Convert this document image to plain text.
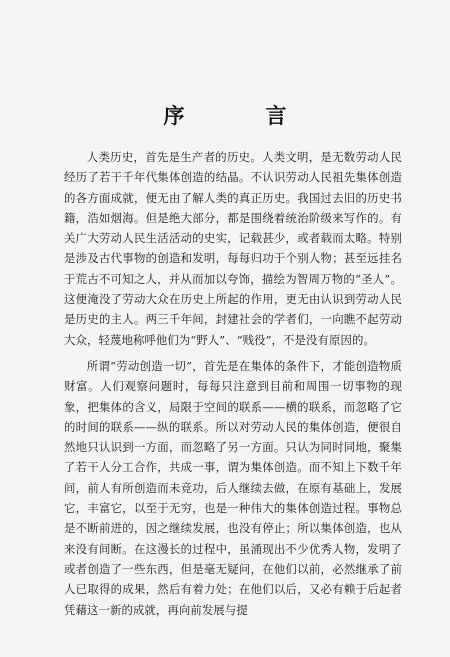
序　言

人类历史，首先是生产者的历史。人类文明，是无数劳动人民经历了若干千年代集体创造的结晶。不认识劳动人民祖先集体创造的各方面成就，便无由了解人类的真正历史。我国过去旧的历史书籍，浩如烟海。但是绝大部分，都是围绕着统治阶级来写作的。有关广大劳动人民生活活动的史实，记载甚少，或者载而太略。特别是涉及古代事物的创造和发明，每每归功于个别人物；甚至远挂名于荒古不可知之人，并从而加以夸饰，描绘为智周万物的“圣人”。这便淹没了劳动大众在历史上所起的作用，更无由认识到劳动人民是历史的主人。两三千年间，封建社会的学者们，一向瞧不起劳动大众，轻蔑地称呼他们为“野人”、“贱役”，不是没有原因的。

所谓“劳动创造一切”，首先是在集体的条件下，才能创造物质财富。人们观察问题时，每每只注意到目前和周围一切事物的现象，把集体的含义，局限于空间的联系——横的联系，而忽略了它的时间的联系——纵的联系。所以对劳动人民的集体创造，便很自然地只认识到一方面，而忽略了另一方面。只认为同时同地，聚集了若干人分工合作，共成一事，谓为集体创造。而不知上下数千年间，前人有所创造而未竞功，后人继续去做，在原有基础上，发展它，丰富它，以至于无穷，也是一种伟大的集体创造过程。事物总是不断前进的，因之继续发展，也没有停止；所以集体创造，也从来没有间断。在这漫长的过程中，虽涌现出不少优秀人物，发明了或者创造了一些东西，但是毫无疑问，在他们以前，必然继承了前人已取得的成果，然后有着力处；在他们以后，又必有赖于后起者凭藉这一新的成就，再向前发展与提
